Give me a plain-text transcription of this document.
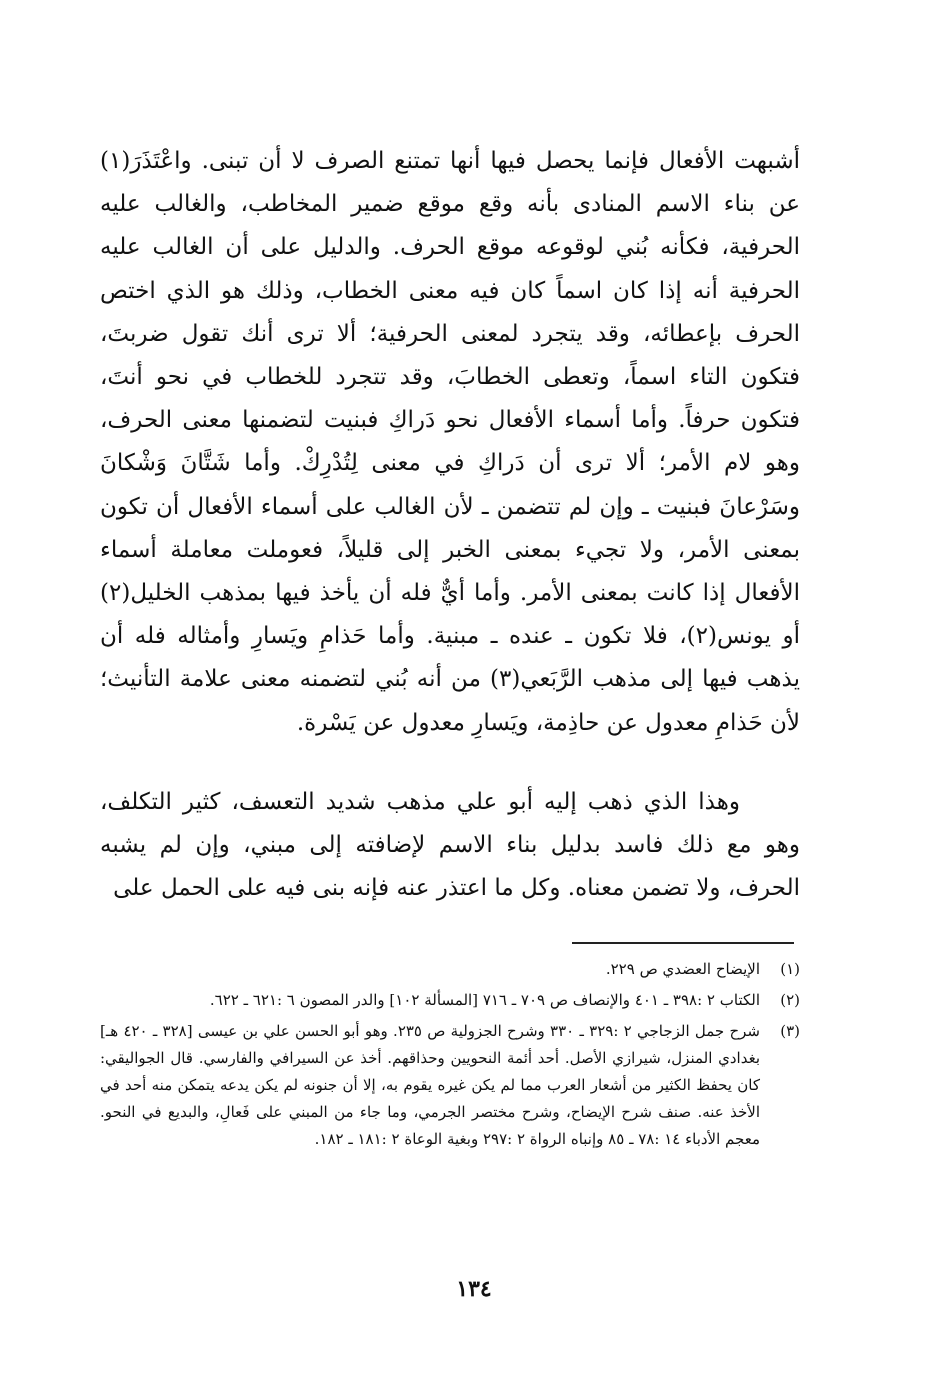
أشبهت الأفعال فإنما يحصل فيها أنها تمتنع الصرف لا أن تبنى. واعْتَذَرَ(١) عن بناء الاسم المنادى بأنه وقع موقع ضمير المخاطب، والغالب عليه الحرفية، فكأنه بُني لوقوعه موقع الحرف. والدليل على أن الغالب عليه الحرفية أنه إذا كان اسماً كان فيه معنى الخطاب، وذلك هو الذي اختص الحرف بإعطائه، وقد يتجرد لمعنى الحرفية؛ ألا ترى أنك تقول ضربتَ، فتكون التاء اسماً، وتعطى الخطابَ، وقد تتجرد للخطاب في نحو أنتَ، فتكون حرفاً. وأما أسماء الأفعال نحو دَراكِ فبنيت لتضمنها معنى الحرف، وهو لام الأمر؛ ألا ترى أن دَراكِ في معنى لِتُدْرِكْ. وأما شَتَّانَ وَشْكانَ وسَرْعانَ فبنيت ـ وإن لم تتضمن ـ لأن الغالب على أسماء الأفعال أن تكون بمعنى الأمر، ولا تجيء بمعنى الخبر إلى قليلاً، فعوملت معاملة أسماء الأفعال إذا كانت بمعنى الأمر. وأما أيٌّ فله أن يأخذ فيها بمذهب الخليل(٢) أو يونس(٢)، فلا تكون ـ عنده ـ مبنية. وأما حَذامِ ويَسارِ وأمثاله فله أن يذهب فيها إلى مذهب الرَّبَعي(٣) من أنه بُني لتضمنه معنى علامة التأنيث؛ لأن حَذامِ معدول عن حاذِمة، ويَسارِ معدول عن يَسْرة.

وهذا الذي ذهب إليه أبو علي مذهب شديد التعسف، كثير التكلف، وهو مع ذلك فاسد بدليل بناء الاسم لإضافته إلى مبني، وإن لم يشبه الحرف، ولا تضمن معناه. وكل ما اعتذر عنه فإنه بنى فيه على الحمل على

(١)
الإيضاح العضدي ص ٢٢٩.
(٢)
الكتاب ٢ :٣٩٨ ـ ٤٠١ والإنصاف ص ٧٠٩ ـ ٧١٦ [المسألة ١٠٢] والدر المصون ٦ :٦٢١ ـ ٦٢٢.
(٣)
شرح جمل الزجاجي ٢ :٣٢٩ ـ ٣٣٠ وشرح الجزولية ص ٢٣٥. وهو أبو الحسن علي بن عيسى [٣٢٨ ـ ٤٢٠ هـ] بغدادي المنزل، شيرازي الأصل. أحد أئمة النحويين وحذاقهم. أخذ عن السيرافي والفارسي. قال الجواليقي: كان يحفظ الكثير من أشعار العرب مما لم يكن غيره يقوم به، إلا أن جنونه لم يكن يدعه يتمكن منه أحد في الأخذ عنه. صنف شرح الإيضاح، وشرح مختصر الجرمي، وما جاء من المبني على فَعالِ، والبديع في النحو. معجم الأدباء ١٤ :٧٨ ـ ٨٥ وإنباه الرواة ٢ :٢٩٧ وبغية الوعاة ٢ :١٨١ ـ ١٨٢.
١٣٤
